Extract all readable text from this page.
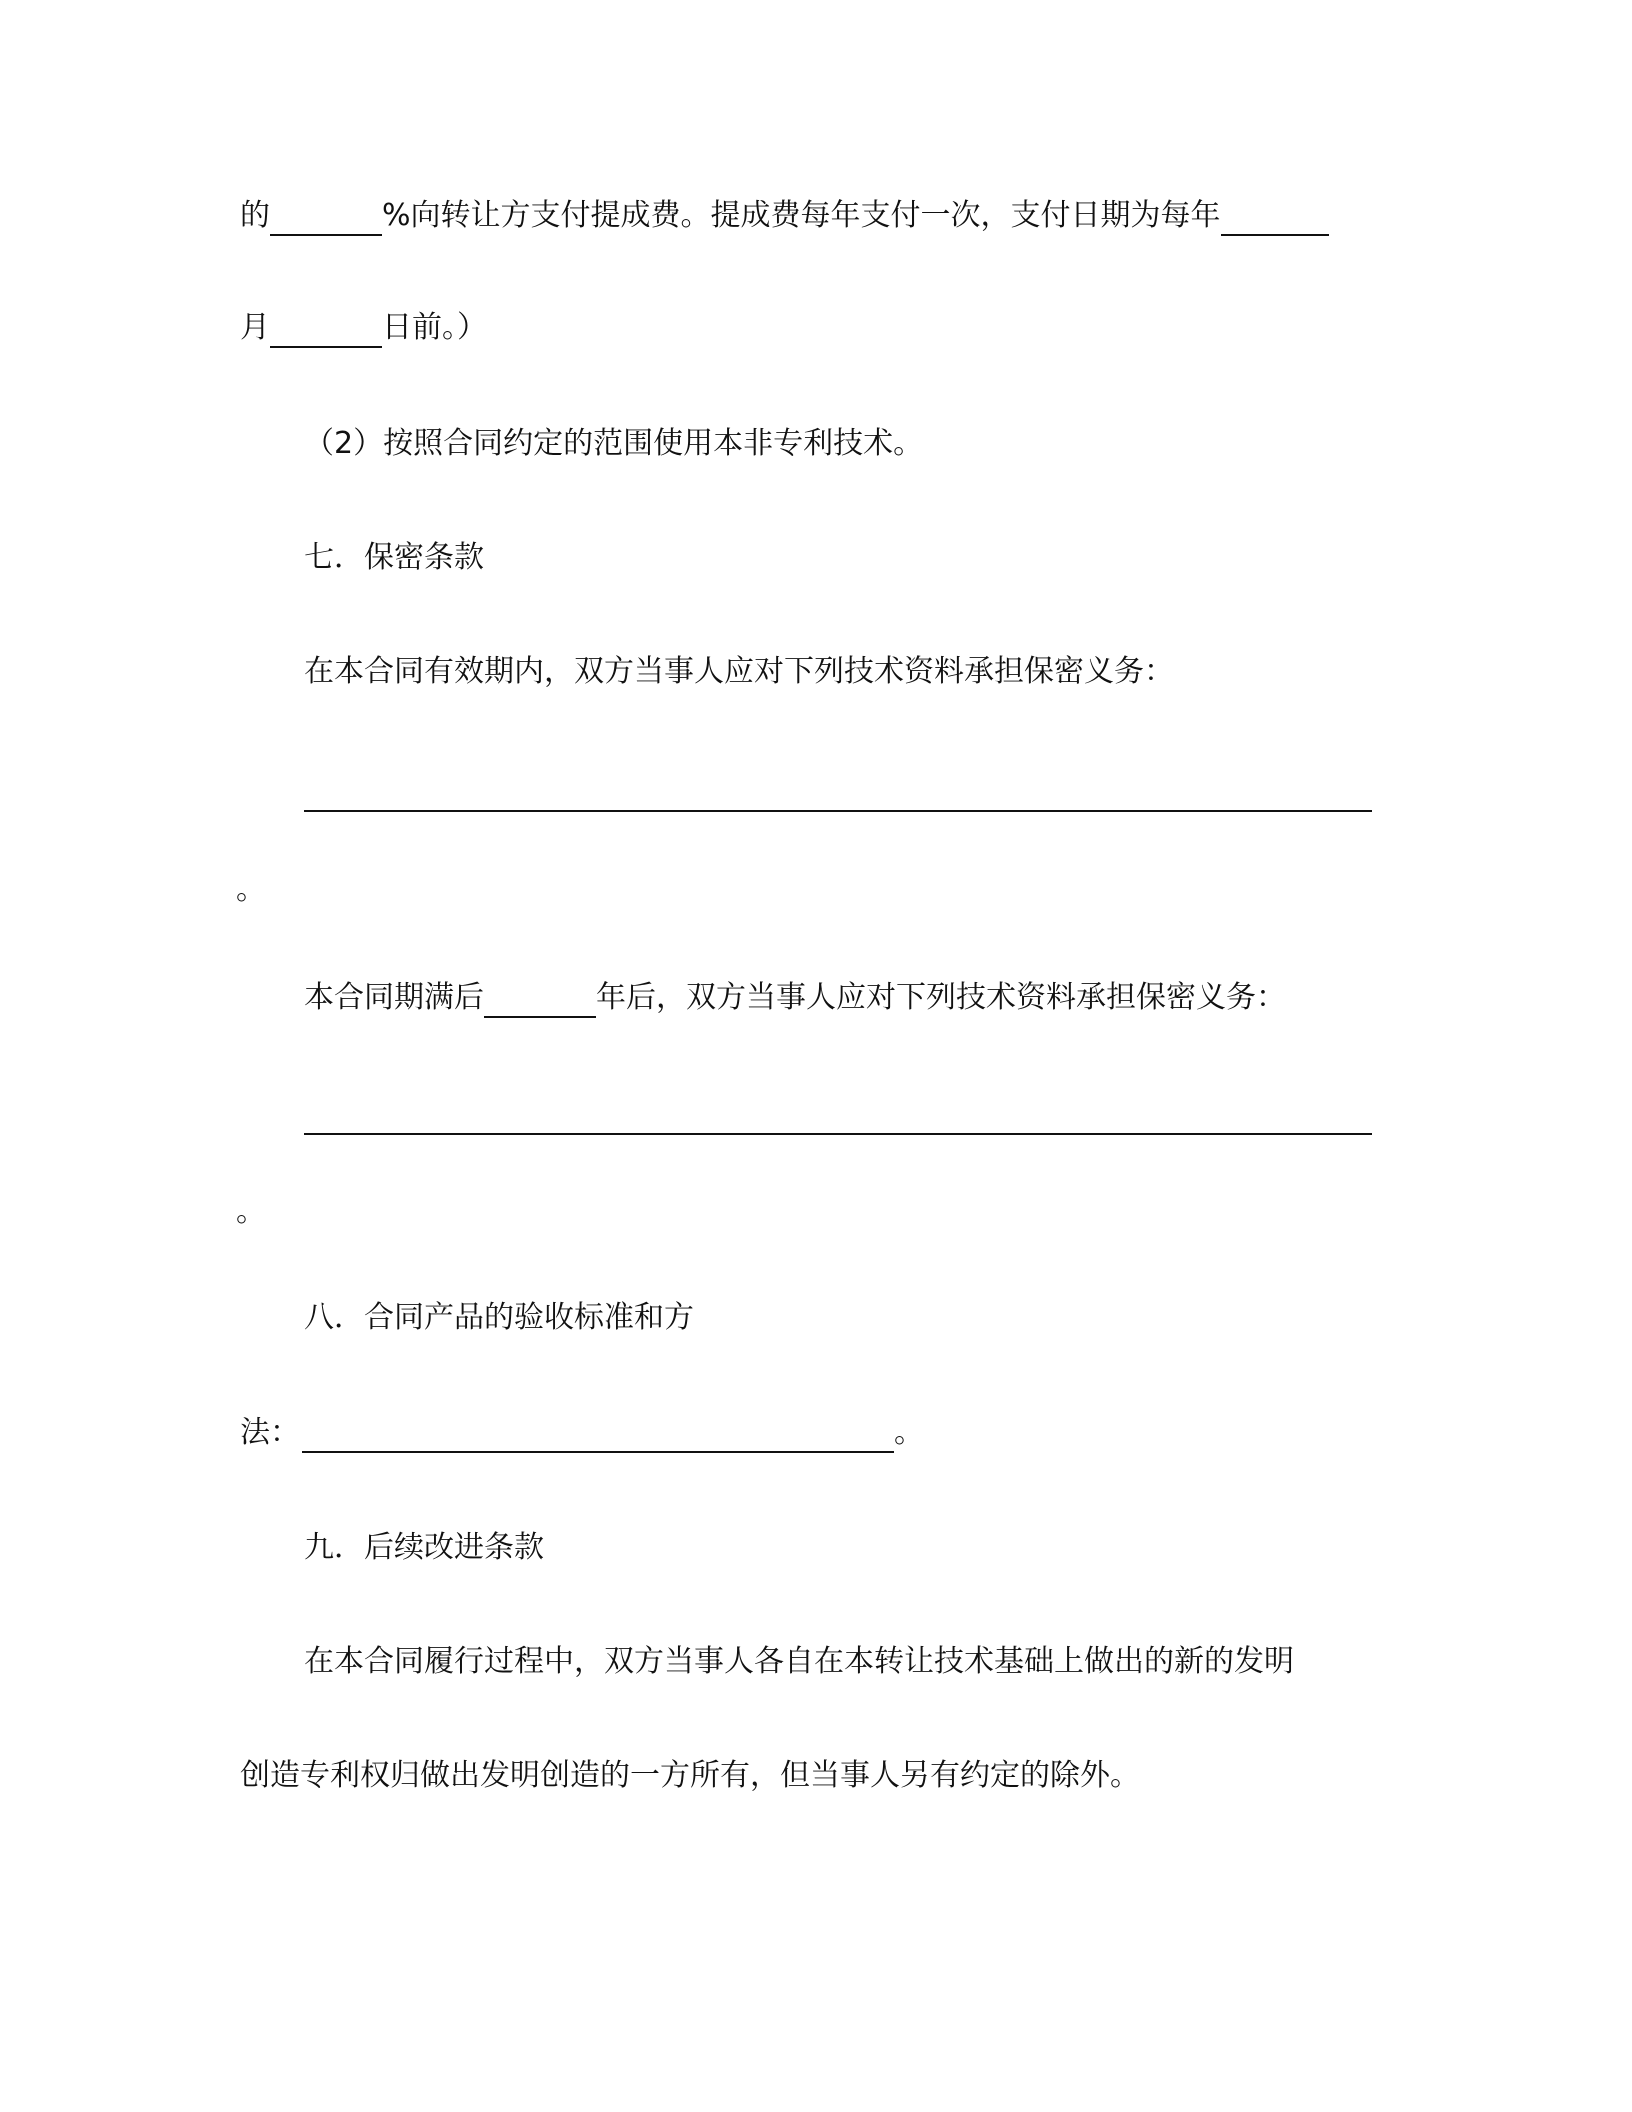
的	%向转让方支付提成费。提成费每年支付一次，支付日期为每年
月	日前。）
（2）按照合同约定的范围使用本非专利技术。
七．保密条款
在本合同有效期内，双方当事人应对下列技术资料承担保密义务：
。
本合同期满后	年后，双方当事人应对下列技术资料承担保密义务：
。
八．合同产品的验收标准和方
法：	。
九．后续改进条款
在本合同履行过程中，双方当事人各自在本转让技术基础上做出的新的发明
创造专利权归做出发明创造的一方所有，但当事人另有约定的除外。
